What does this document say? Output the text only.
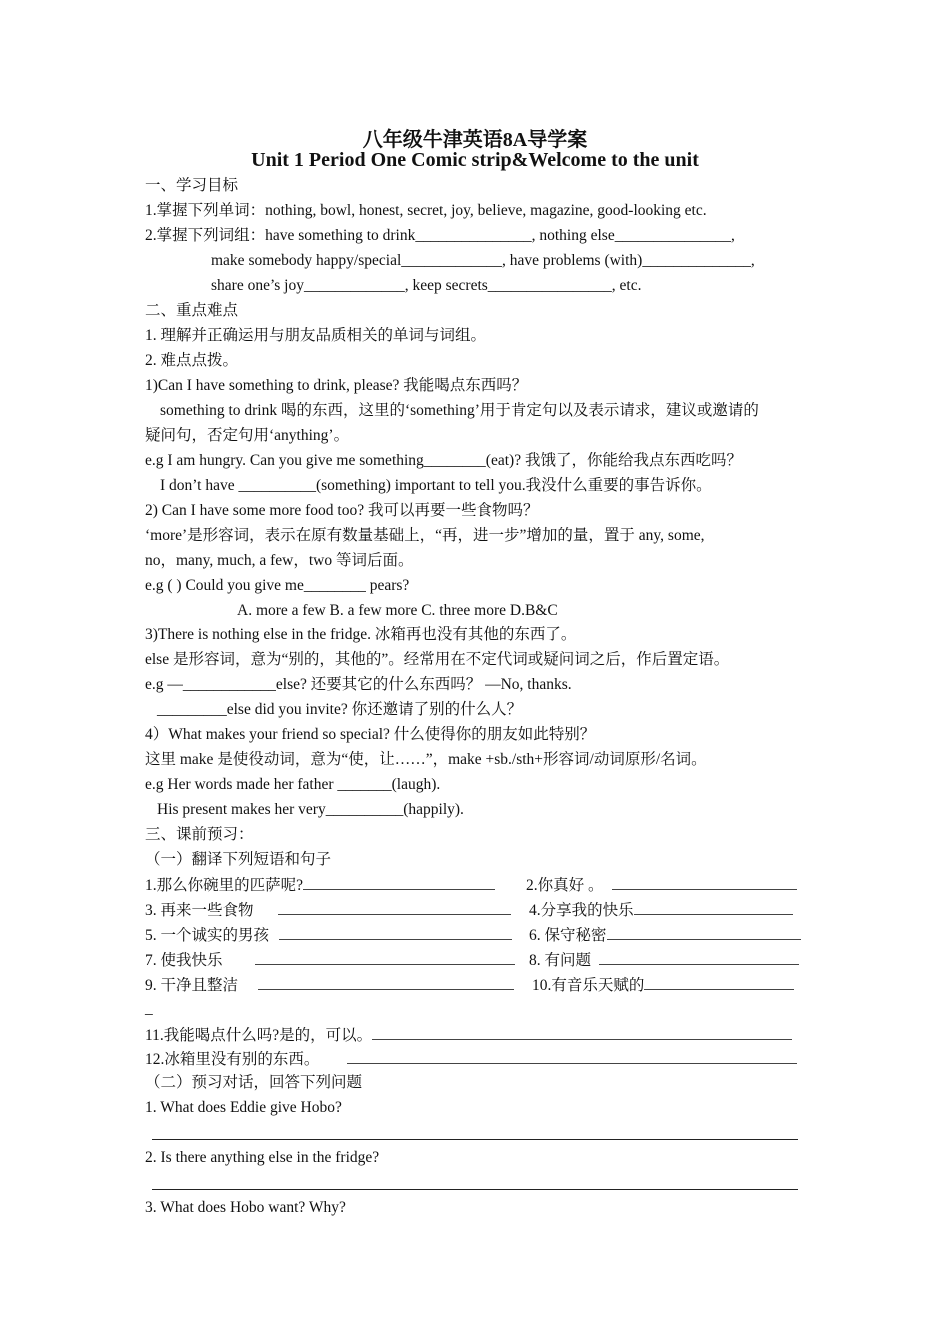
八年级牛津英语8A导学案
Unit 1 Period One Comic strip&Welcome to the unit
一、学习目标
1.掌握下列单词：nothing, bowl, honest, secret, joy, believe, magazine, good-looking etc.
2.掌握下列词组：have something to drink_______________, nothing else_______________,
make somebody happy/special_____________, have problems (with)______________,
share one’s joy_____________, keep secrets________________, etc.
二、重点难点
1. 理解并正确运用与朋友品质相关的单词与词组。
2. 难点点拨。
1)Can I have something to drink, please? 我能喝点东西吗？
something to drink 喝的东西，这里的‘something’用于肯定句以及表示请求，建议或邀请的
疑问句，否定句用‘anything’。
e.g I am hungry. Can you give me something________(eat)? 我饿了，你能给我点东西吃吗？
I don’t have __________(something) important to tell you.我没什么重要的事告诉你。
2) Can I have some more food too? 我可以再要一些食物吗？
‘more’是形容词，表示在原有数量基础上，“再，进一步”增加的量，置于 any, some,
no，many, much, a few，two 等词后面。
e.g ( ) Could you give me________ pears?
A. more a few B. a few more C. three more D.B&C
3)There is nothing else in the fridge. 冰箱再也没有其他的东西了。
else 是形容词，意为“别的，其他的”。经常用在不定代词或疑问词之后，作后置定语。
e.g —____________else? 还要其它的什么东西吗？ —No, thanks.
_________else did you invite? 你还邀请了别的什么人？
4）What makes your friend so special? 什么使得你的朋友如此特别？
这里 make 是使役动词，意为“使，让……”，make +sb./sth+形容词/动词原形/名词。
e.g Her words made her father _______(laugh).
His present makes her very__________(happily).
三、课前预习：
（一）翻译下列短语和句子
1.那么你碗里的匹萨呢?	2.你真好 。
3. 再来一些食物	4.分享我的快乐
5. 一个诚实的男孩	6. 保守秘密
7. 使我快乐	8. 有问题
9. 干净且整洁	10.有音乐天赋的
_
11.我能喝点什么吗?是的，可以。
12.冰箱里没有别的东西。
（二）预习对话，回答下列问题
1. What does Eddie give Hobo?
2. Is there anything else in the fridge?
3. What does Hobo want? Why?
